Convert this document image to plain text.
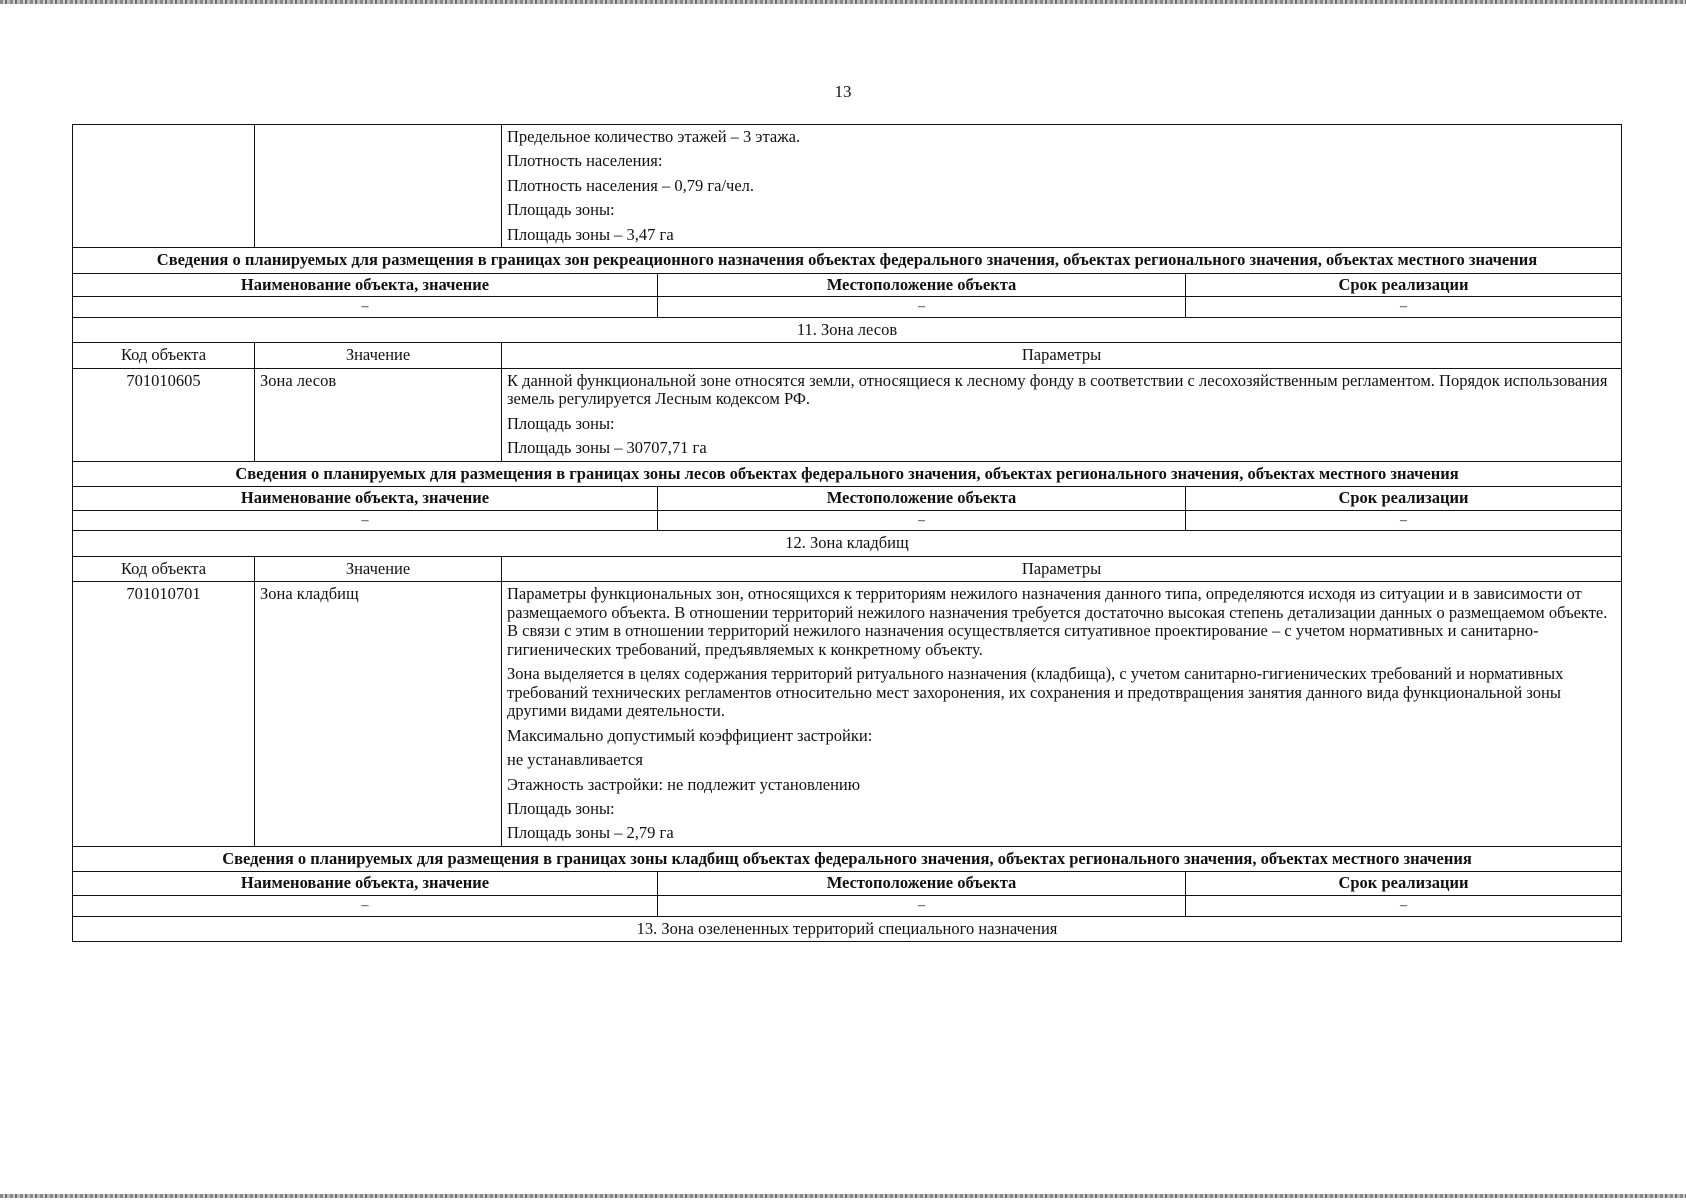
13
Предельное количество этажей – 3 этажа.
Плотность населения:
Плотность населения – 0,79 га/чел.
Площадь зоны:
Площадь зоны – 3,47 га
Сведения о планируемых для размещения в границах зон рекреационного назначения объектах федерального значения, объектах регионального значения, объектах местного значения
Наименование объекта, значение	Местоположение объекта	Срок реализации
–	–	–
11. Зона лесов
Код объекта	Значение	Параметры
701010605	Зона лесов	К данной функциональной зоне относятся земли, относящиеся к лесному фонду в соответствии с лесохозяйственным регламентом. Порядок использования земель регулируется Лесным кодексом РФ.
Площадь зоны:
Площадь зоны – 30707,71 га
Сведения о планируемых для размещения в границах зоны лесов объектах федерального значения, объектах регионального значения, объектах местного значения
Наименование объекта, значение	Местоположение объекта	Срок реализации
–	–	–
12. Зона кладбищ
Код объекта	Значение	Параметры
701010701	Зона кладбищ	Параметры функциональных зон, относящихся к территориям нежилого назначения данного типа, определяются исходя из ситуации и в зависимости от размещаемого объекта. В отношении территорий нежилого назначения требуется достаточно высокая степень детализации данных о размещаемом объекте. В связи с этим в отношении территорий нежилого назначения осуществляется ситуативное проектирование – с учетом нормативных и санитарно-гигиенических требований, предъявляемых к конкретному объекту.
Зона выделяется в целях содержания территорий ритуального назначения (кладбища), с учетом санитарно-гигиенических требований и нормативных требований технических регламентов относительно мест захоронения, их сохранения и предотвращения занятия данного вида функциональной зоны другими видами деятельности.
Максимально допустимый коэффициент застройки:
не устанавливается
Этажность застройки: не подлежит установлению
Площадь зоны:
Площадь зоны – 2,79 га
Сведения о планируемых для размещения в границах зоны кладбищ объектах федерального значения, объектах регионального значения, объектах местного значения
Наименование объекта, значение	Местоположение объекта	Срок реализации
–	–	–
13. Зона озелененных территорий специального назначения
